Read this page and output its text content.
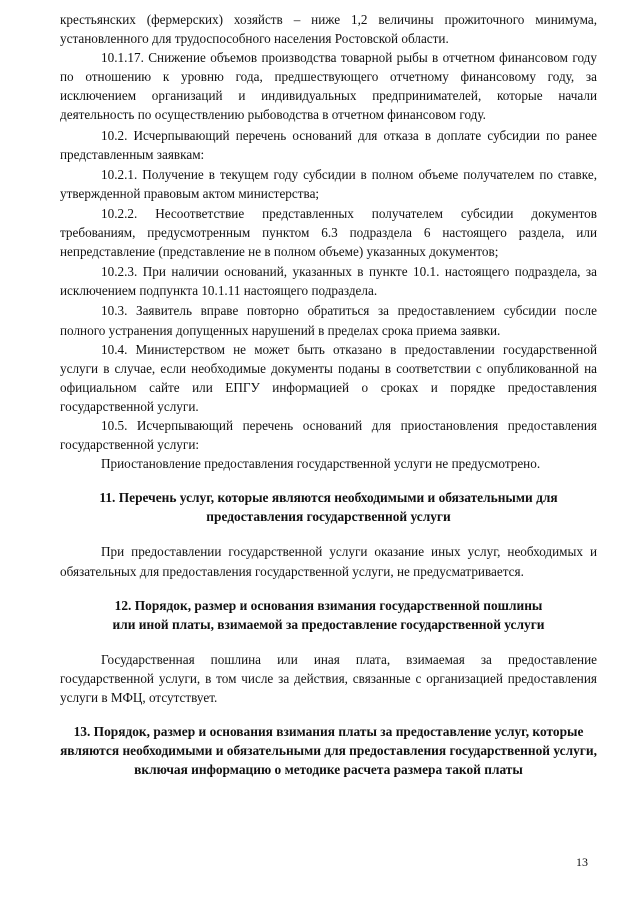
крестьянских (фермерских) хозяйств – ниже 1,2 величины прожиточного минимума, установленного для трудоспособного населения Ростовской области.

10.1.17. Снижение объемов производства товарной рыбы в отчетном финансовом году по отношению к уровню года, предшествующего отчетному финансовому году, за исключением организаций и индивидуальных предпринимателей, которые начали деятельность по осуществлению рыбоводства в отчетном финансовом году.

10.2. Исчерпывающий перечень оснований для отказа в доплате субсидии по ранее представленным заявкам:

10.2.1. Получение в текущем году субсидии в полном объеме получателем по ставке, утвержденной правовым актом министерства;

10.2.2. Несоответствие представленных получателем субсидии документов требованиям, предусмотренным пунктом 6.3 подраздела 6 настоящего раздела, или непредставление (представление не в полном объеме) указанных документов;

10.2.3. При наличии оснований, указанных в пункте 10.1. настоящего подраздела, за исключением подпункта 10.1.11 настоящего подраздела.

10.3. Заявитель вправе повторно обратиться за предоставлением субсидии после полного устранения допущенных нарушений в пределах срока приема заявки.

10.4. Министерством не может быть отказано в предоставлении государственной услуги в случае, если необходимые документы поданы в соответствии с опубликованной на официальном сайте или ЕПГУ информацией о сроках и порядке предоставления государственной услуги.

10.5. Исчерпывающий перечень оснований для приостановления предоставления государственной услуги:

Приостановление предоставления государственной услуги не предусмотрено.

11. Перечень услуг, которые являются необходимыми и обязательными для предоставления государственной услуги

При предоставлении государственной услуги оказание иных услуг, необходимых и обязательных для предоставления государственной услуги, не предусматривается.

12. Порядок, размер и основания взимания государственной пошлины
или иной платы, взимаемой за предоставление государственной услуги

Государственная пошлина или иная плата, взимаемая за предоставление государственной услуги, в том числе за действия, связанные с организацией предоставления услуги в МФЦ, отсутствует.

13. Порядок, размер и основания взимания платы за предоставление услуг, которые являются необходимыми и обязательными для предоставления государственной услуги, включая информацию о методике расчета размера такой платы
13
